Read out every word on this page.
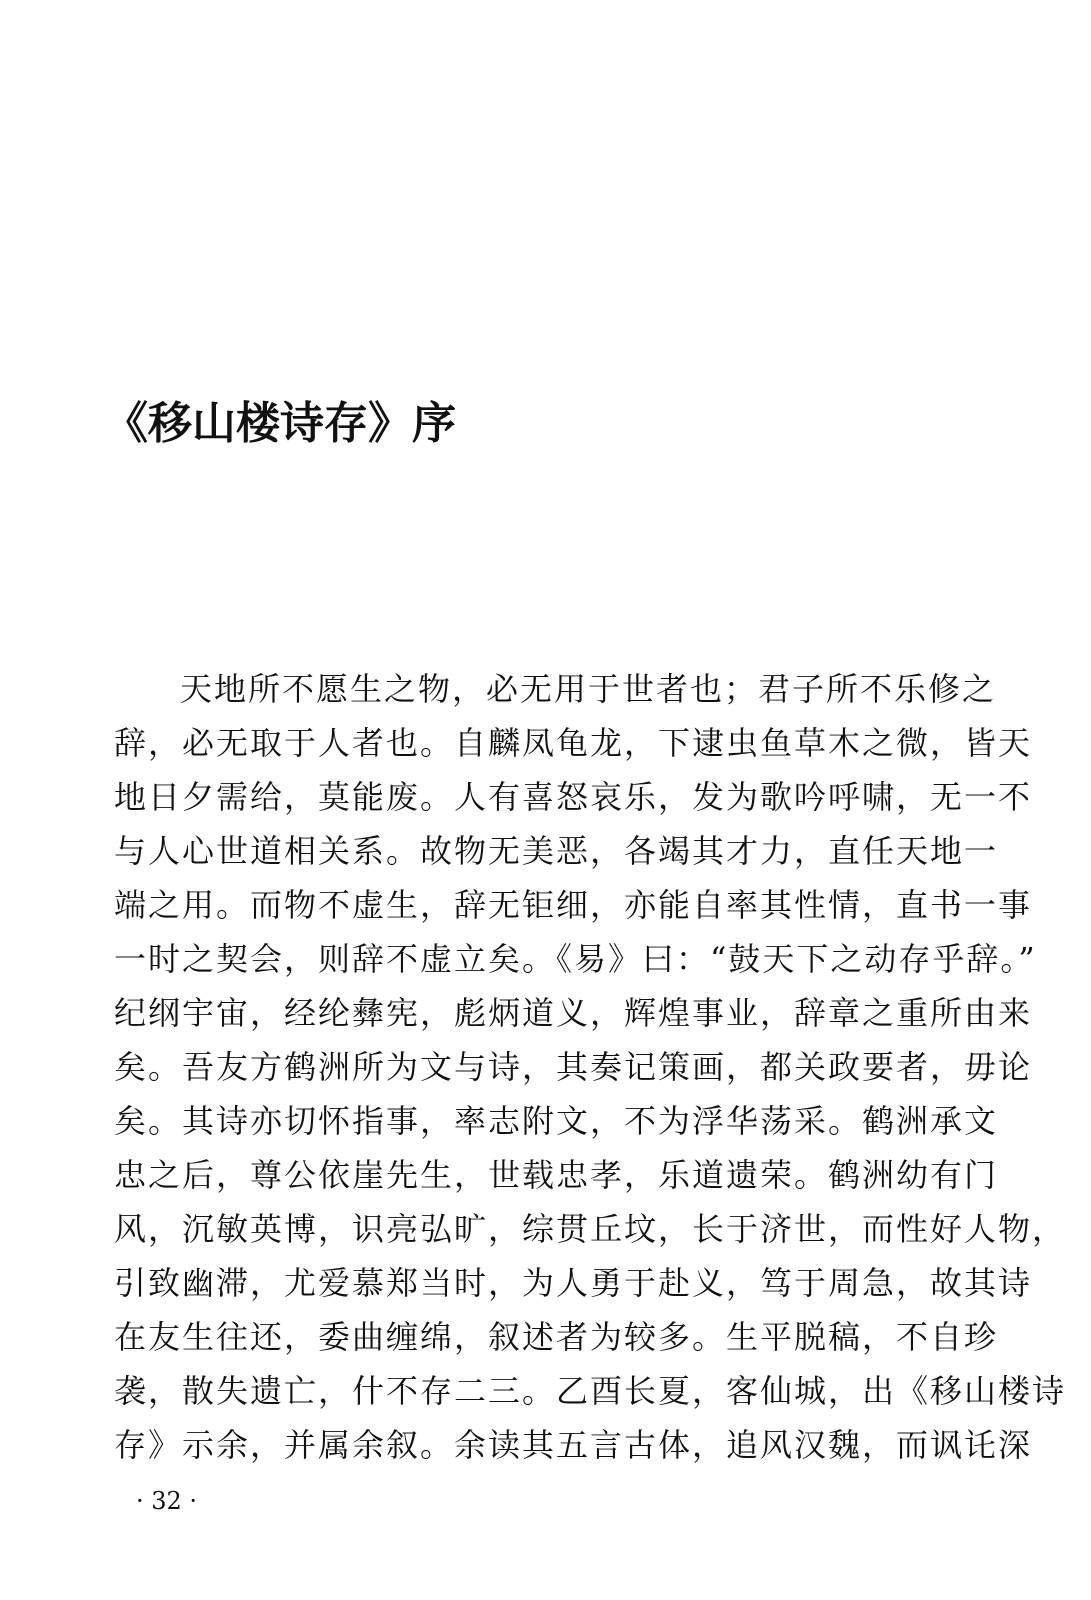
《移山楼诗存》序
天地所不愿生之物，必无用于世者也；君子所不乐修之
辞，必无取于人者也。自麟凤龟龙，下逮虫鱼草木之微，皆天
地日夕需给，莫能废。人有喜怒哀乐，发为歌吟呼啸，无一不
与人心世道相关系。故物无美恶，各竭其才力，直任天地一
端之用。而物不虚生，辞无钜细，亦能自率其性情，直书一事
一时之契会，则辞不虚立矣。《易》曰：“鼓天下之动存乎辞。”
纪纲宇宙，经纶彝宪，彪炳道义，辉煌事业，辞章之重所由来
矣。吾友方鹤洲所为文与诗，其奏记策画，都关政要者，毋论
矣。其诗亦切怀指事，率志附文，不为浮华荡采。鹤洲承文
忠之后，尊公依崖先生，世载忠孝，乐道遗荣。鹤洲幼有门
风，沉敏英博，识亮弘旷，综贯丘坟，长于济世，而性好人物，
引致幽滞，尤爱慕郑当时，为人勇于赴义，笃于周急，故其诗
在友生往还，委曲缠绵，叙述者为较多。生平脱稿，不自珍
袭，散失遗亡，什不存二三。乙酉长夏，客仙城，出《移山楼诗
存》示余，并属余叙。余读其五言古体，追风汉魏，而讽讬深
· 32 ·
